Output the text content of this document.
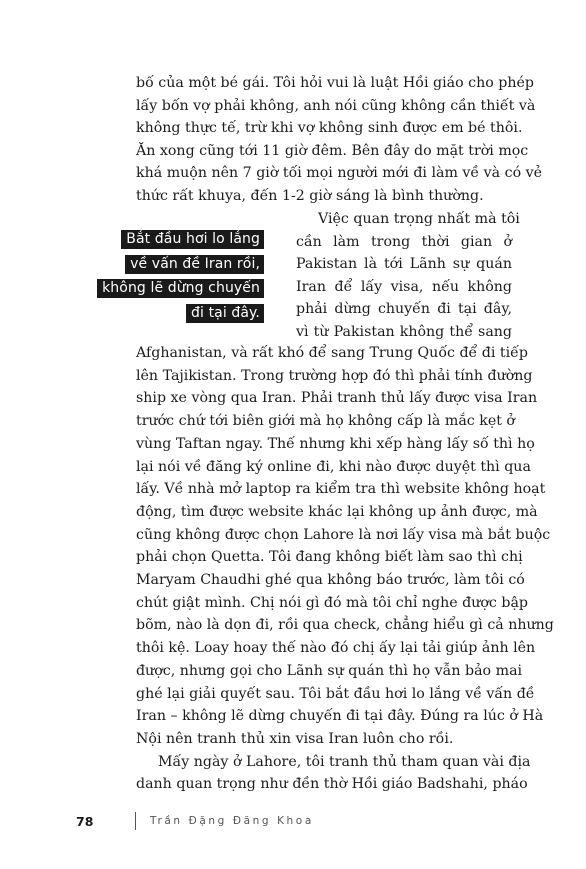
bố của một bé gái. Tôi hỏi vui là luật Hồi giáo cho phép
lấy bốn vợ phải không, anh nói cũng không cần thiết và
không thực tế, trừ khi vợ không sinh được em bé thôi.
Ăn xong cũng tới 11 giờ đêm. Bên đây do mặt trời mọc
khá muộn nên 7 giờ tối mọi người mới đi làm về và có vẻ
thức rất khuya, đến 1-2 giờ sáng là bình thường.
Bắt đầu hơi lo lắng
về vấn đề Iran rồi,
không lẽ dừng chuyến
đi tại đây.
Việc quan trọng nhất mà tôi
cần làm trong thời gian ở
Pakistan là tới Lãnh sự quán
Iran để lấy visa, nếu không
phải dừng chuyến đi tại đây,
vì từ Pakistan không thể sang
Afghanistan, và rất khó để sang Trung Quốc để đi tiếp
lên Tajikistan. Trong trường hợp đó thì phải tính đường
ship xe vòng qua Iran. Phải tranh thủ lấy được visa Iran
trước chứ tới biên giới mà họ không cấp là mắc kẹt ở
vùng Taftan ngay. Thế nhưng khi xếp hàng lấy số thì họ
lại nói về đăng ký online đi, khi nào được duyệt thì qua
lấy. Về nhà mở laptop ra kiểm tra thì website không hoạt
động, tìm được website khác lại không up ảnh được, mà
cũng không được chọn Lahore là nơi lấy visa mà bắt buộc
phải chọn Quetta. Tôi đang không biết làm sao thì chị
Maryam Chaudhi ghé qua không báo trước, làm tôi có
chút giật mình. Chị nói gì đó mà tôi chỉ nghe được bập
bõm, nào là dọn đi, rồi qua check, chẳng hiểu gì cả nhưng
thôi kệ. Loay hoay thế nào đó chị ấy lại tải giúp ảnh lên
được, nhưng gọi cho Lãnh sự quán thì họ vẫn bảo mai
ghé lại giải quyết sau. Tôi bắt đầu hơi lo lắng về vấn đề
Iran – không lẽ dừng chuyến đi tại đây. Đúng ra lúc ở Hà
Nội nên tranh thủ xin visa Iran luôn cho rồi.
Mấy ngày ở Lahore, tôi tranh thủ tham quan vài địa
danh quan trọng như đền thờ Hồi giáo Badshahi, pháo
78	Trần Đặng Đăng Khoa
